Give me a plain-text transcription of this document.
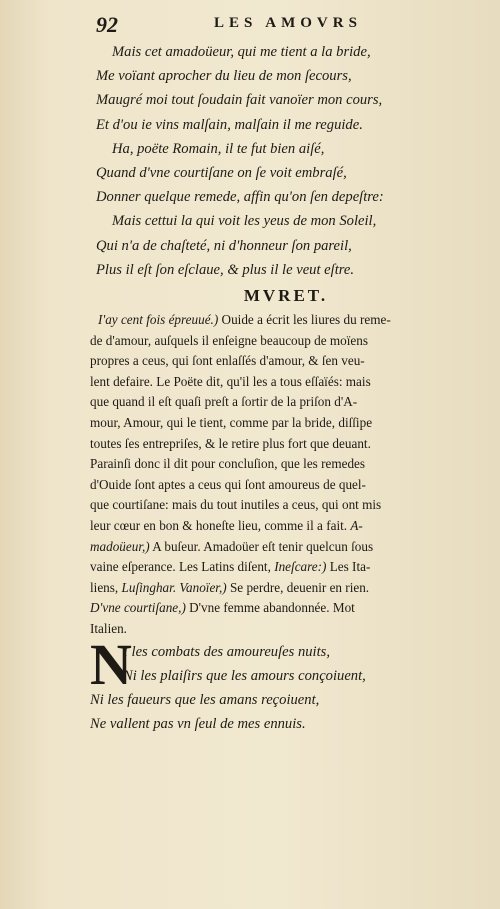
92	LES AMOVRS
Mais cet amadoüeur, qui me tient a la bride,
Me voïant aprocher du lieu de mon ſecours,
Maugré moi tout ſoudain fait vanoïer mon cours,
Et d'ou ie vins malſain, malſain il me reguide.
Ha, poëte Romain, il te fut bien aiſé,
Quand d'vne courtiſane on ſe voit embraſé,
Donner quelque remede, affin qu'on ſen depeſtre:
Mais cettui la qui voit les yeus de mon Soleil,
Qui n'a de chaſteté, ni d'honneur ſon pareil,
Plus il eſt ſon eſclaue, & plus il le veut eſtre.
MVRET.
I'ay cent fois épreuué.) Ouide a écrit les liures du reme-
de d'amour, auſquels il enſeigne beaucoup de moïens
propres a ceus, qui ſont enlaſſés d'amour, & ſen veu-
lent defaire. Le Poëte dit, qu'il les a tous eſſaïés: mais
que quand il eſt quaſi preſt a ſortir de la priſon d'A-
mour, Amour, qui le tient, comme par la bride, diſſipe
toutes ſes entrepriſes, & le retire plus fort que deuant.
Parainſi donc il dit pour concluſion, que les remedes
d'Ouide ſont aptes a ceus qui ſont amoureus de quel-
que courtiſane: mais du tout inutiles a ceus, qui ont mis
leur cœur en bon & honeſte lieu, comme il a fait. A-
madoüeur,) A buſeur. Amadoüer eſt tenir quelcun ſous
vaine eſperance. Les Latins diſent, Ineſcare:) Les Ita-
liens, Luſinghar. Vanoïer,) Se perdre, deuenir en rien.
D'vne courtiſane,) D'vne femme abandonnée. Mot
Italien.
N
I les combats des amoureuſes nuits,
Ni les plaiſirs que les amours conçoiuent,
Ni les faueurs que les amans reçoiuent,
Ne vallent pas vn ſeul de mes ennuis.
